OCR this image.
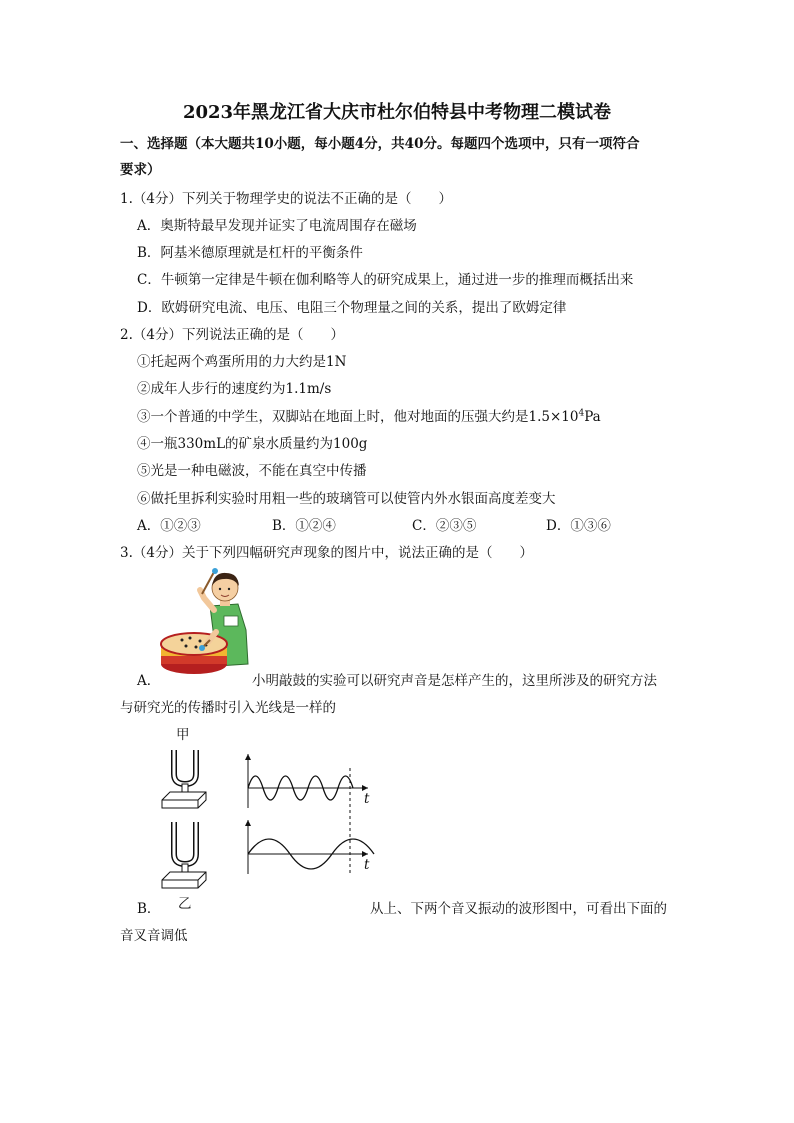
2023年黑龙江省大庆市杜尔伯特县中考物理二模试卷
一、选择题（本大题共10小题，每小题4分，共40分。每题四个选项中，只有一项符合
要求）
1.（4分）下列关于物理学史的说法不正确的是（　　）
A．奥斯特最早发现并证实了电流周围存在磁场
B．阿基米德原理就是杠杆的平衡条件
C．牛顿第一定律是牛顿在伽利略等人的研究成果上，通过进一步的推理而概括出来
D．欧姆研究电流、电压、电阻三个物理量之间的关系，提出了欧姆定律
2.（4分）下列说法正确的是（　　）
①托起两个鸡蛋所用的力大约是1N
②成年人步行的速度约为1.1m/s
③一个普通的中学生，双脚站在地面上时，他对地面的压强大约是$1.5\times 10^4Pa$
④一瓶330mL的矿泉水质量约为100g
⑤光是一种电磁波，不能在真空中传播
⑥做托里拆利实验时用粗一些的玻璃管可以使管内外水银面高度差变大
A．①②③	B．①②④	C．②③⑤	D．①③⑥
3.（4分）关于下列四幅研究声现象的图片中，说法正确的是（　　）
A．	小明敲鼓的实验可以研究声音是怎样产生的，这里所涉及的研究方法
与研究光的传播时引入光线是一样的
甲
t
t
B． 乙	从上、下两个音叉振动的波形图中，可看出下面的
音叉音调低
